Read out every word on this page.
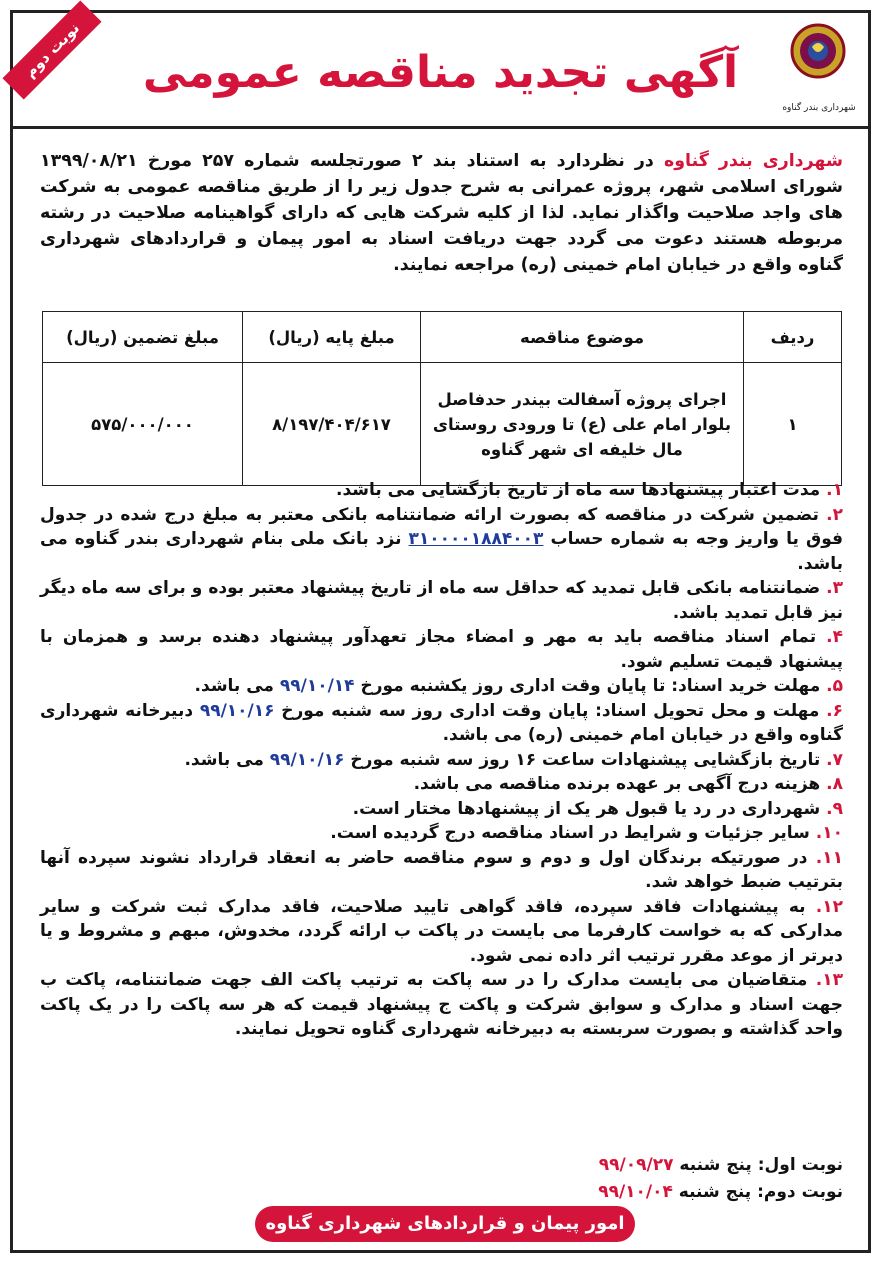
نوبت دوم	آگهی تجدید مناقصه عمومی
شهرداری بندر گناوه
شهرداری بندر گناوه در نظردارد به استناد بند ۲ صورتجلسه شماره ۲۵۷ مورخ ۱۳۹۹/۰۸/۲۱ شورای اسلامی شهر، پروژه عمرانی به شرح جدول زیر را از طریق مناقصه عمومی به شرکت های واجد صلاحیت واگذار نماید. لذا از کلیه شرکت هایی که دارای گواهینامه صلاحیت در رشته مربوطه هستند دعوت می گردد جهت دریافت اسناد به امور پیمان و قراردادهای شهرداری گناوه واقع در خیابان امام خمینی (ره) مراجعه نمایند.
ردیف	موضوع مناقصه	مبلغ پایه (ریال)	مبلغ تضمین (ریال)
۱	اجرای پروژه آسفالت بیندر حدفاصل بلوار امام علی (ع) تا ورودی روستای مال خلیفه ای شهر گناوه	۸/۱۹۷/۴۰۴/۶۱۷	۵۷۵/۰۰۰/۰۰۰

۱. مدت اعتبار پیشنهادها سه ماه از تاریخ بازگشایی می باشد.

۲. تضمین شرکت در مناقصه که بصورت ارائه ضمانتنامه بانکی معتبر به مبلغ درج شده در جدول فوق یا واریز وجه به شماره حساب ۳۱۰۰۰۰۱۸۸۴۰۰۳ نزد بانک ملی بنام شهرداری بندر گناوه می باشد.

۳. ضمانتنامه بانکی قابل تمدید که حداقل سه ماه از تاریخ پیشنهاد معتبر بوده و برای سه ماه دیگر نیز قابل تمدید باشد.

۴. تمام اسناد مناقصه باید به مهر و امضاء مجاز تعهدآور پیشنهاد دهنده برسد و همزمان با پیشنهاد قیمت تسلیم شود.

۵. مهلت خرید اسناد: تا پایان وقت اداری روز یکشنبه مورخ ۹۹/۱۰/۱۴ می باشد.

۶. مهلت و محل تحویل اسناد: پایان وقت اداری روز سه شنبه مورخ ۹۹/۱۰/۱۶ دبیرخانه شهرداری گناوه واقع در خیابان امام خمینی (ره) می باشد.

۷. تاریخ بازگشایی پیشنهادات ساعت ۱۶ روز سه شنبه مورخ ۹۹/۱۰/۱۶ می باشد.

۸. هزینه درج آگهی بر عهده برنده مناقصه می باشد.

۹. شهرداری در رد یا قبول هر یک از پیشنهادها مختار است.

۱۰. سایر جزئیات و شرایط در اسناد مناقصه درج گردیده است.

۱۱. در صورتیکه برندگان اول و دوم و سوم مناقصه حاضر به انعقاد قرارداد نشوند سپرده آنها بترتیب ضبط خواهد شد.

۱۲. به پیشنهادات فاقد سپرده، فاقد گواهی تایید صلاحیت، فاقد مدارک ثبت شرکت و سایر مدارکی که به خواست کارفرما می بایست در پاکت ب ارائه گردد، مخدوش، مبهم و مشروط و یا دیرتر از موعد مقرر ترتیب اثر داده نمی شود.

۱۳. متقاضیان می بایست مدارک را در سه پاکت به ترتیب پاکت الف جهت ضمانتنامه، پاکت ب جهت اسناد و مدارک و سوابق شرکت و پاکت ج پیشنهاد قیمت که هر سه پاکت را در یک پاکت واحد گذاشته و بصورت سربسته به دبیرخانه شهرداری گناوه تحویل نمایند.

نوبت اول: پنج شنبه ۹۹/۰۹/۲۷
نوبت دوم: پنج شنبه ۹۹/۱۰/۰۴
امور پیمان و قراردادهای شهرداری گناوه
